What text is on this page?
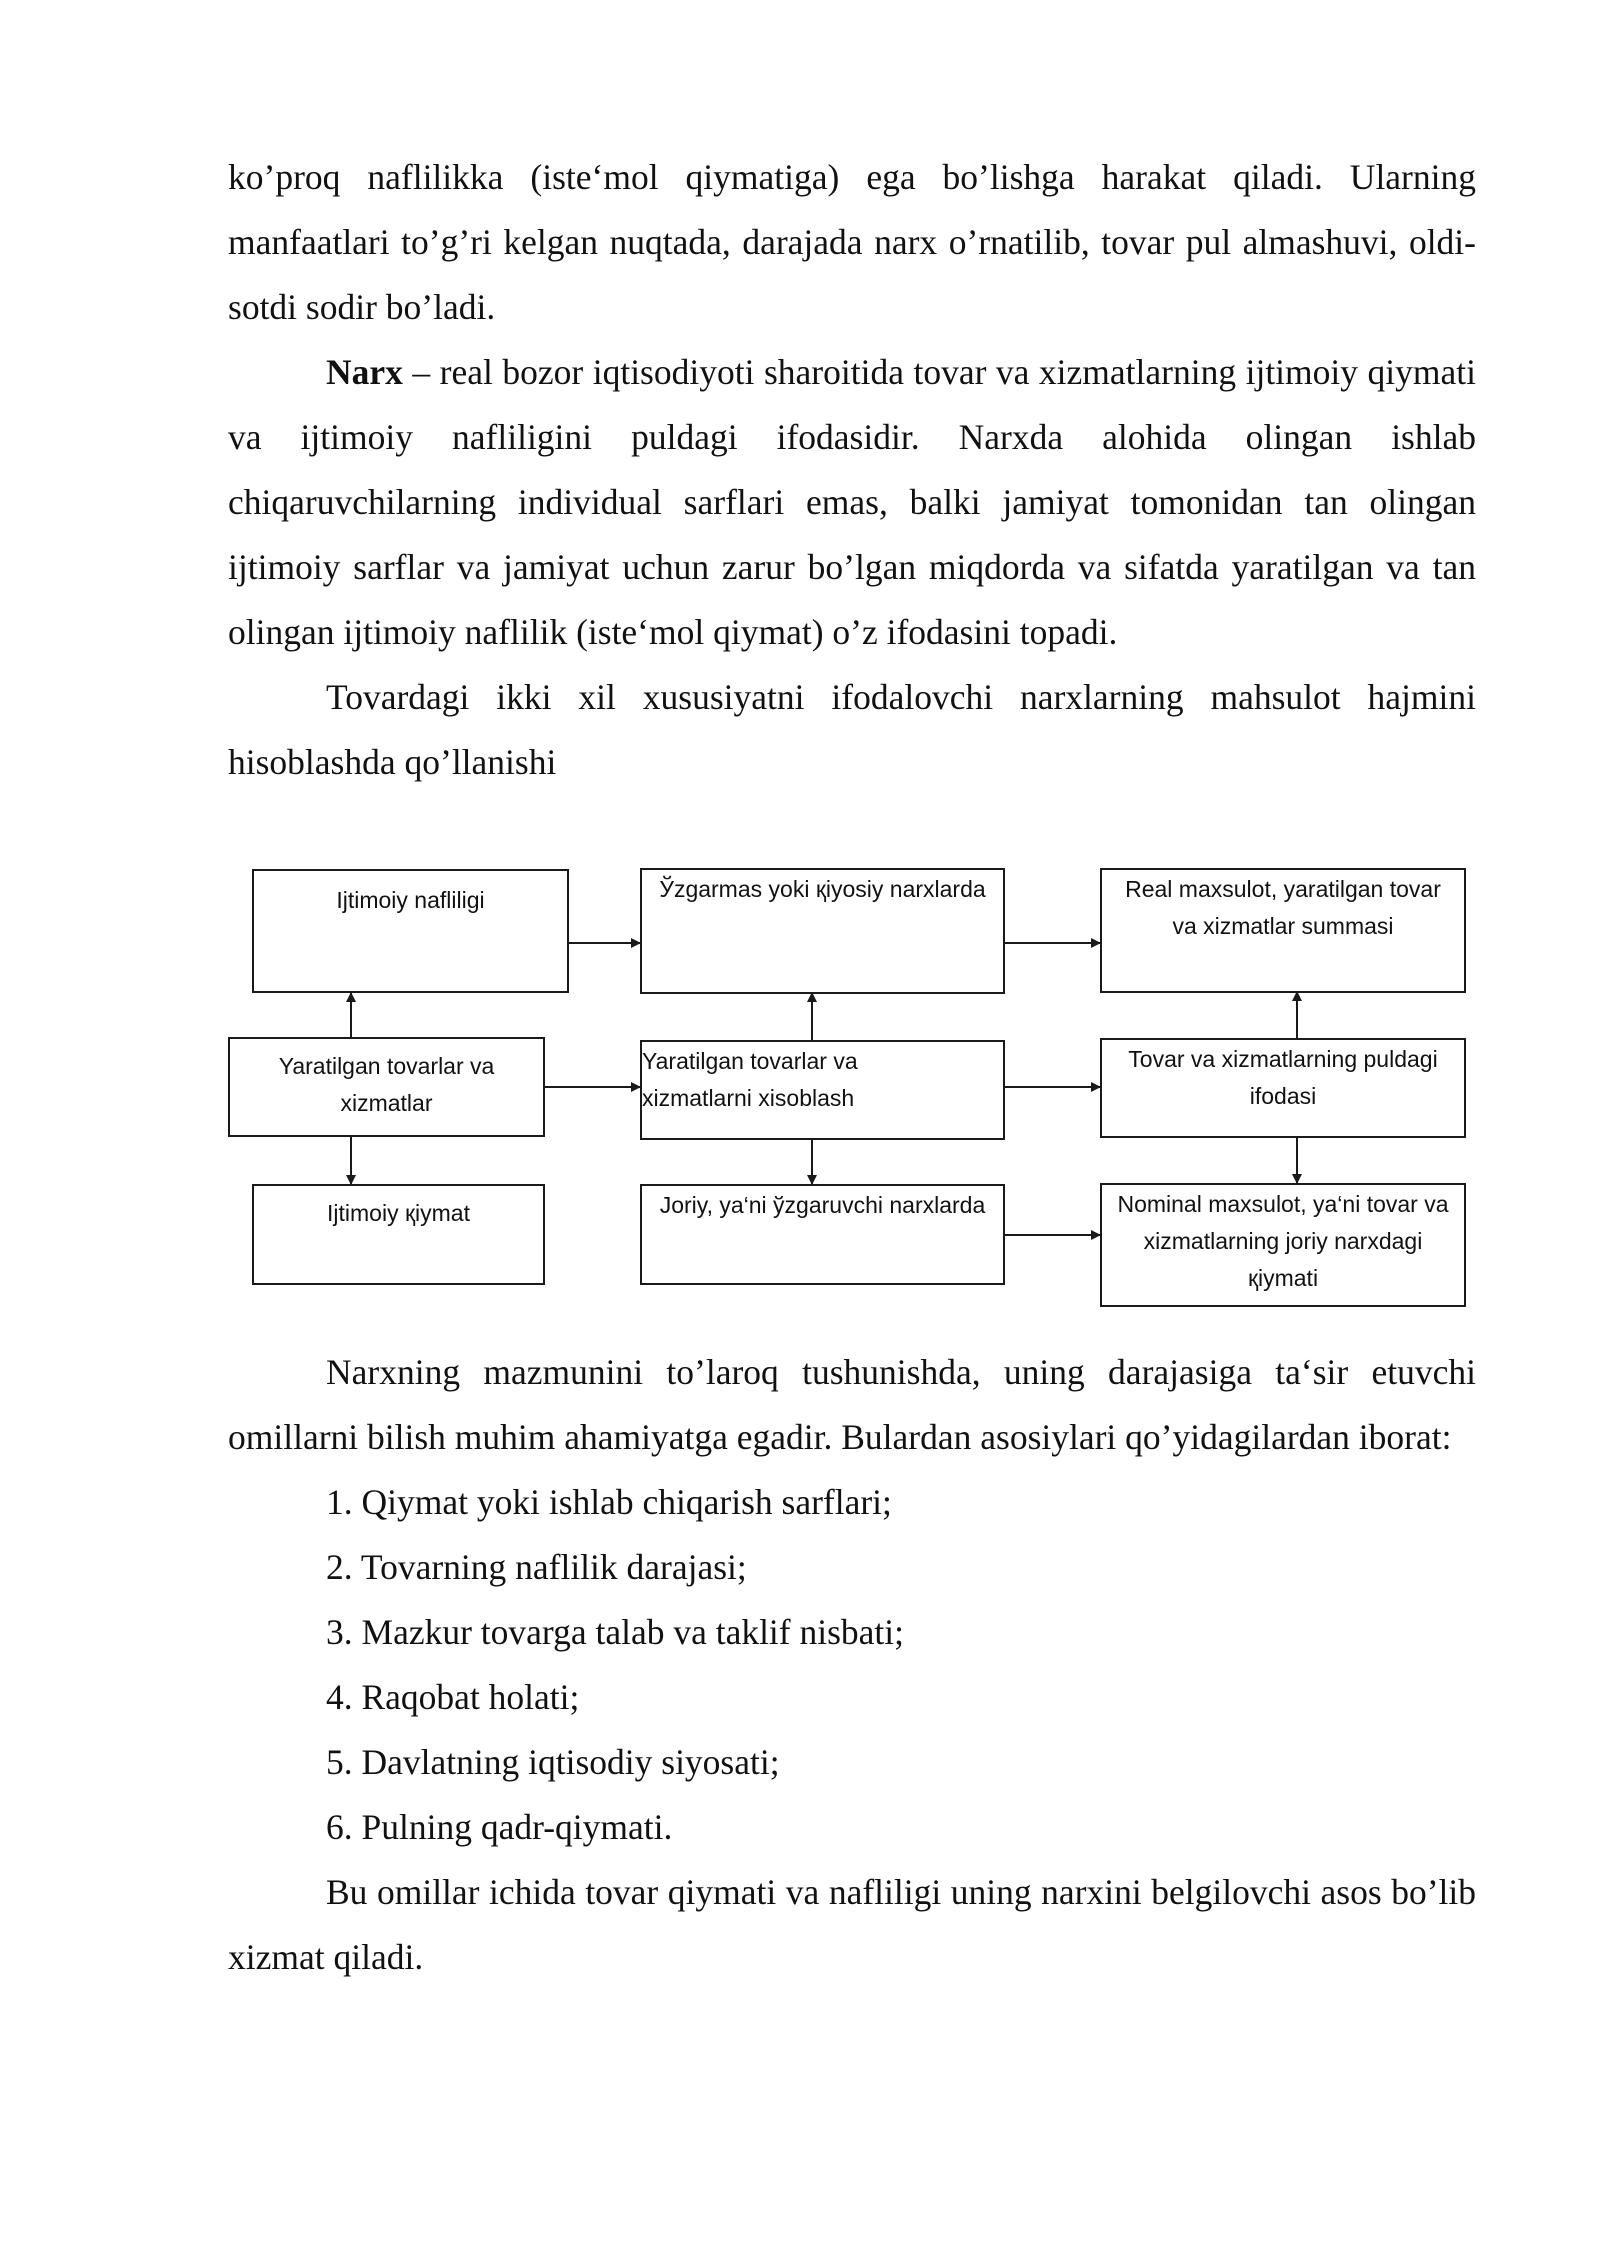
ko’proq naflilikka (iste‘mol qiymatiga) ega bo’lishga harakat qiladi. Ularning manfaatlari to’g’ri kelgan nuqtada, darajada narx o’rnatilib, tovar pul almashuvi, oldi-sotdi sodir bo’ladi.

Narx – real bozor iqtisodiyoti sharoitida tovar va xizmatlarning ijtimoiy qiymati va ijtimoiy nafliligini puldagi ifodasidir. Narxda alohida olingan ishlab chiqaruvchilarning individual sarflari emas, balki jamiyat tomonidan tan olingan ijtimoiy sarflar va jamiyat uchun zarur bo’lgan miqdorda va sifatda yaratilgan va tan olingan ijtimoiy naflilik (iste‘mol qiymat) o’z ifodasini topadi.

Tovardagi ikki xil xususiyatni ifodalovchi narxlarning mahsulot hajmini hisoblashda qo’llanishi

Ijtimoiy nafliligi	Ўzgarmas yoki қiyosiy narxlarda	Real maxsulot, yaratilgan tovar
va xizmatlar summasi
Yaratilgan tovarlar va
xizmatlar
Yaratilgan tovarlar va
xizmatlarni xisoblash
Tovar va xizmatlarning puldagi
ifodasi
Ijtimoiy қiymat	Joriy, ya‘ni ўzgaruvchi narxlarda	Nominal maxsulot, ya‘ni tovar va
xizmatlarning joriy narxdagi
қiymati

Narxning mazmunini to’laroq tushunishda, uning darajasiga ta‘sir etuvchi omillarni bilish muhim ahamiyatga egadir. Bulardan asosiylari qo’yidagilardan iborat:

1. Qiymat yoki ishlab chiqarish sarflari;

2. Tovarning naflilik darajasi;

3. Mazkur tovarga talab va taklif nisbati;

4. Raqobat holati;

5. Davlatning iqtisodiy siyosati;

6. Pulning qadr-qiymati.

Bu omillar ichida tovar qiymati va nafliligi uning narxini belgilovchi asos bo’lib xizmat qiladi.
